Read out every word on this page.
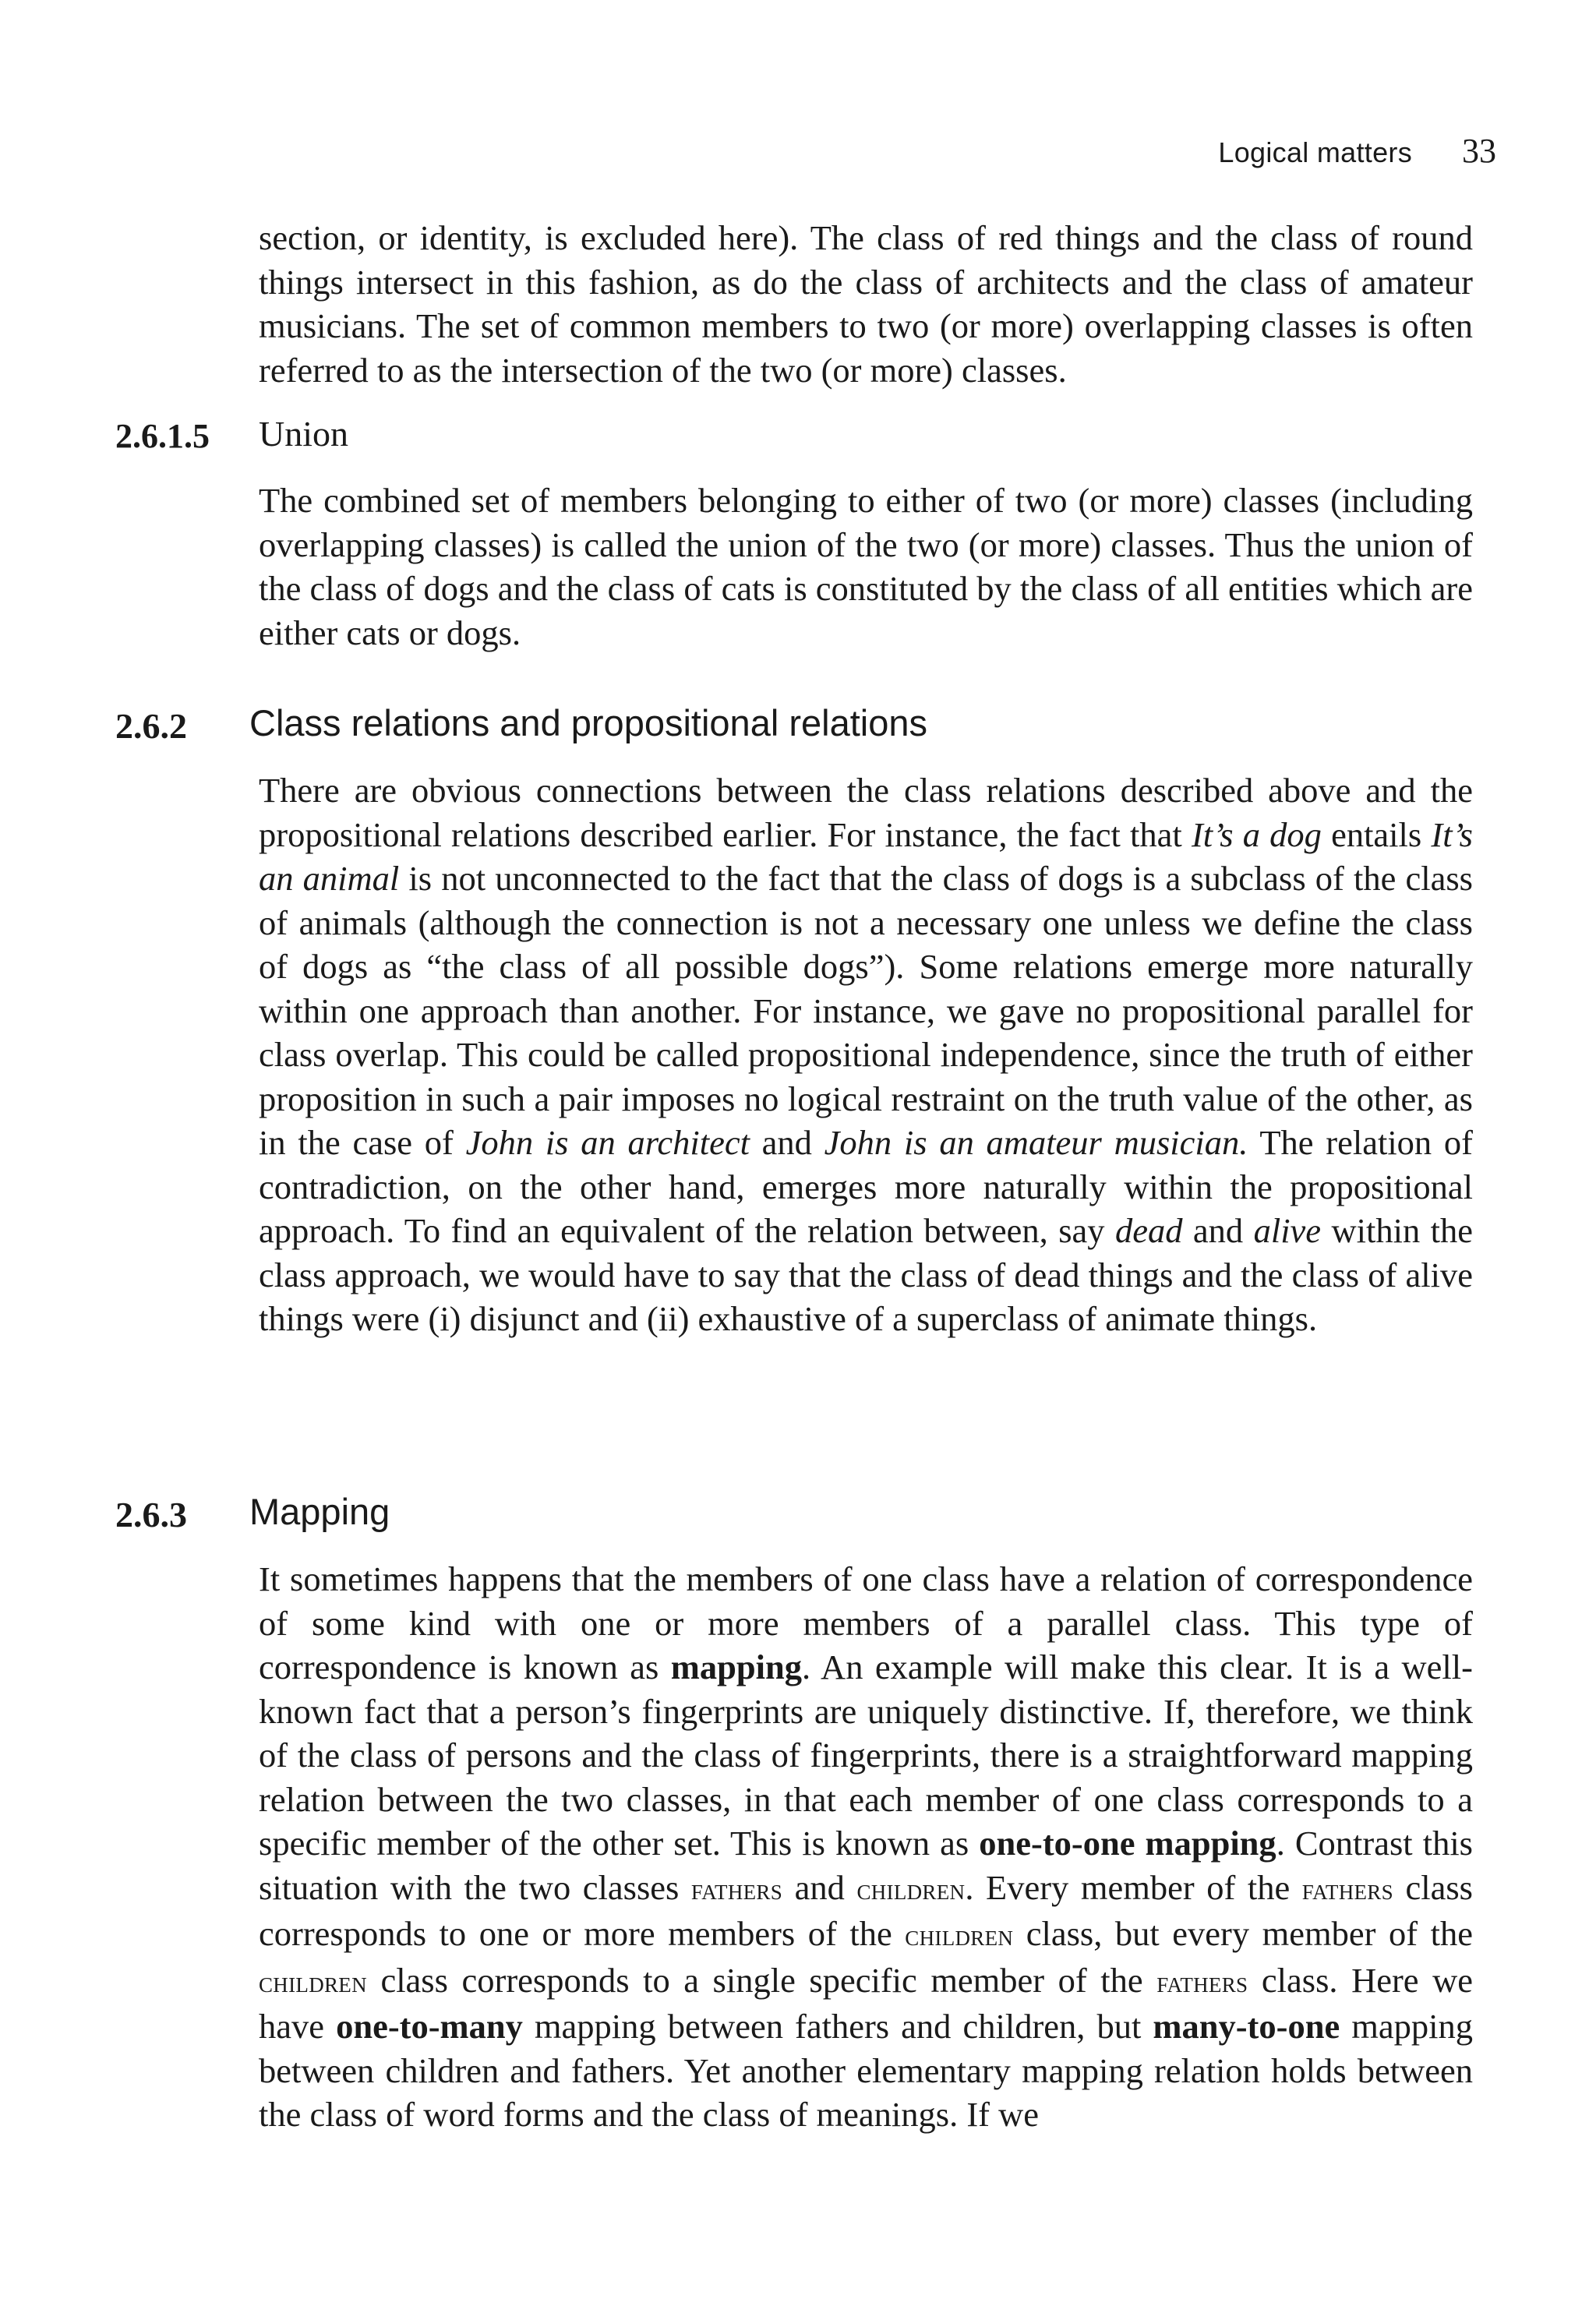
Logical matters 33

section, or identity, is excluded here). The class of red things and the class of round things intersect in this fashion, as do the class of architects and the class of amateur musicians. The set of common members to two (or more) overlapping classes is often referred to as the intersection of the two (or more) classes.

2.6.1.5 Union

The combined set of members belonging to either of two (or more) classes (including overlapping classes) is called the union of the two (or more) classes. Thus the union of the class of dogs and the class of cats is constituted by the class of all entities which are either cats or dogs.

2.6.2 Class relations and propositional relations

There are obvious connections between the class relations described above and the propositional relations described earlier. For instance, the fact that It’s a dog entails It’s an animal is not unconnected to the fact that the class of dogs is a subclass of the class of animals (although the connection is not a necessary one unless we define the class of dogs as “the class of all possible dogs”). Some relations emerge more naturally within one approach than another. For instance, we gave no propositional parallel for class overlap. This could be called propositional independence, since the truth of either proposition in such a pair imposes no logical restraint on the truth value of the other, as in the case of John is an architect and John is an amateur musician. The relation of contradiction, on the other hand, emerges more naturally within the propositional approach. To find an equivalent of the relation between, say dead and alive within the class approach, we would have to say that the class of dead things and the class of alive things were (i) disjunct and (ii) exhaustive of a superclass of animate things.

2.6.3 Mapping

It sometimes happens that the members of one class have a relation of correspondence of some kind with one or more members of a parallel class. This type of correspondence is known as mapping. An example will make this clear. It is a well-known fact that a person’s fingerprints are uniquely distinctive. If, therefore, we think of the class of persons and the class of fingerprints, there is a straightforward mapping relation between the two classes, in that each member of one class corresponds to a specific member of the other set. This is known as one-to-one mapping. Contrast this situation with the two classes fathers and children. Every member of the fathers class corresponds to one or more members of the children class, but every member of the children class corresponds to a single specific member of the fathers class. Here we have one-to-many mapping between fathers and children, but many-to-one mapping between children and fathers. Yet another elementary mapping relation holds between the class of word forms and the class of meanings. If we
